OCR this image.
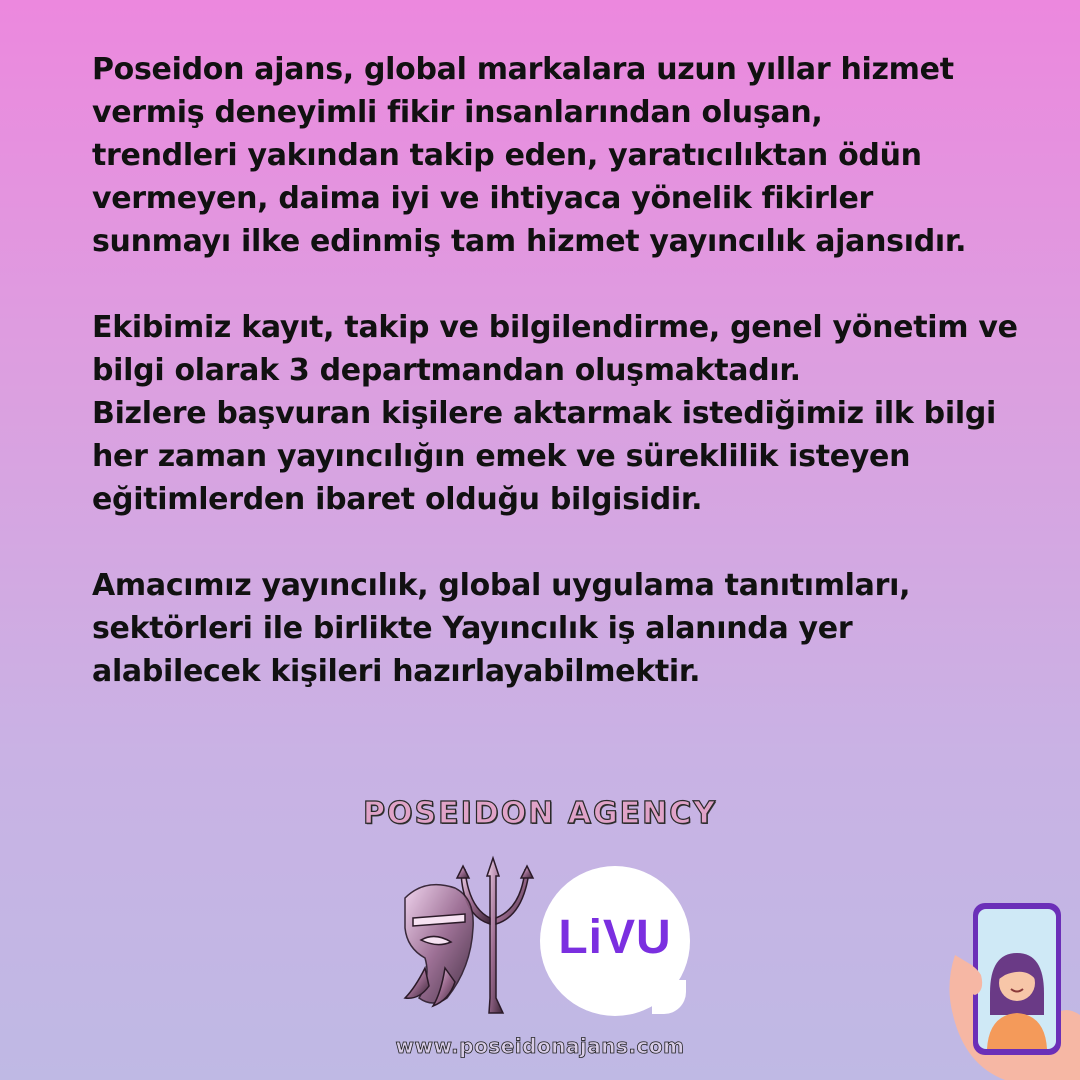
Poseidon ajans, global markalara uzun yıllar hizmet
vermiş deneyimli fikir insanlarından oluşan,
trendleri yakından takip eden, yaratıcılıktan ödün
vermeyen, daima iyi ve ihtiyaca yönelik fikirler
sunmayı ilke edinmiş tam hizmet yayıncılık ajansıdır.

Ekibimiz kayıt, takip ve bilgilendirme, genel yönetim ve
bilgi olarak 3 departmandan oluşmaktadır.
Bizlere başvuran kişilere aktarmak istediğimiz ilk bilgi
her zaman yayıncılığın emek ve süreklilik isteyen
eğitimlerden ibaret olduğu bilgisidir.

Amacımız yayıncılık, global uygulama tanıtımları,
sektörleri ile birlikte Yayıncılık iş alanında yer
alabilecek kişileri hazırlayabilmektir.

POSEIDON AGENCY
LiVU
www.poseidonajans.com
